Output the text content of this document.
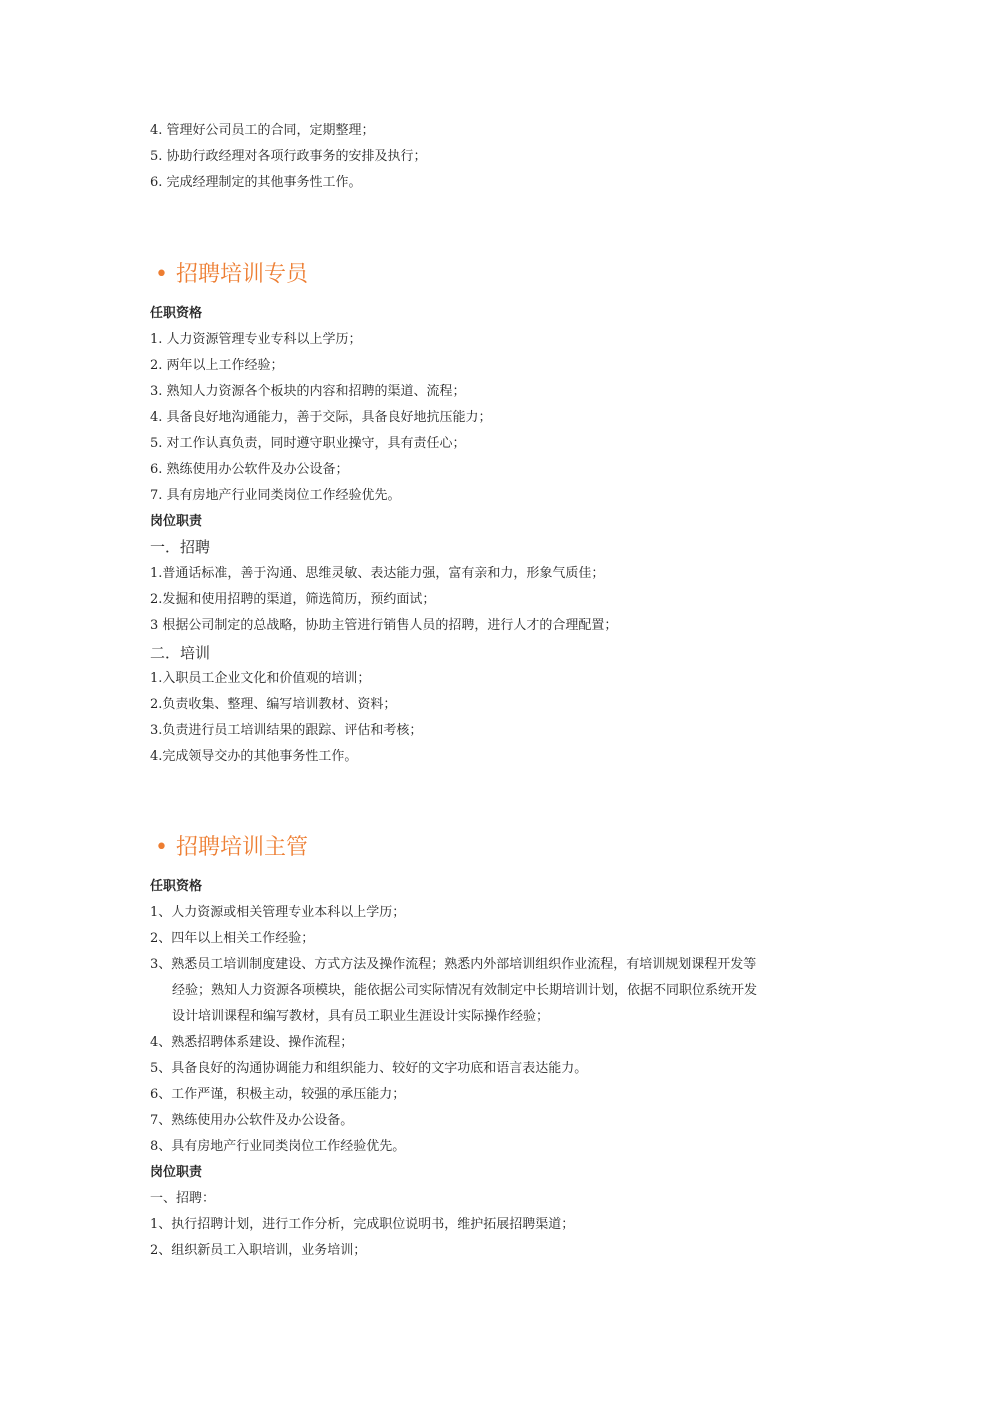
4. 管理好公司员工的合同，定期整理；
5. 协助行政经理对各项行政事务的安排及执行；
6. 完成经理制定的其他事务性工作。
• 招聘培训专员
任职资格
1. 人力资源管理专业专科以上学历；
2. 两年以上工作经验；
3. 熟知人力资源各个板块的内容和招聘的渠道、流程；
4. 具备良好地沟通能力，善于交际，具备良好地抗压能力；
5. 对工作认真负责，同时遵守职业操守，具有责任心；
6. 熟练使用办公软件及办公设备；
7. 具有房地产行业同类岗位工作经验优先。
岗位职责
一．招聘
1.普通话标准，善于沟通、思维灵敏、表达能力强，富有亲和力，形象气质佳；
2.发掘和使用招聘的渠道，筛选简历，预约面试；
3 根据公司制定的总战略，协助主管进行销售人员的招聘，进行人才的合理配置；
二．培训
1.入职员工企业文化和价值观的培训；
2.负责收集、整理、编写培训教材、资料；
3.负责进行员工培训结果的跟踪、评估和考核；
4.完成领导交办的其他事务性工作。
• 招聘培训主管
任职资格
1、人力资源或相关管理专业本科以上学历；
2、四年以上相关工作经验；
3、熟悉员工培训制度建设、方式方法及操作流程；熟悉内外部培训组织作业流程，有培训规划课程开发等
经验；熟知人力资源各项模块，能依据公司实际情况有效制定中长期培训计划，依据不同职位系统开发
设计培训课程和编写教材，具有员工职业生涯设计实际操作经验；
4、熟悉招聘体系建设、操作流程；
5、具备良好的沟通协调能力和组织能力、较好的文字功底和语言表达能力。
6、工作严谨，积极主动，较强的承压能力；
7、熟练使用办公软件及办公设备。
8、具有房地产行业同类岗位工作经验优先。
岗位职责
一、招聘：
1、执行招聘计划，进行工作分析，完成职位说明书，维护拓展招聘渠道；
2、组织新员工入职培训，业务培训；
